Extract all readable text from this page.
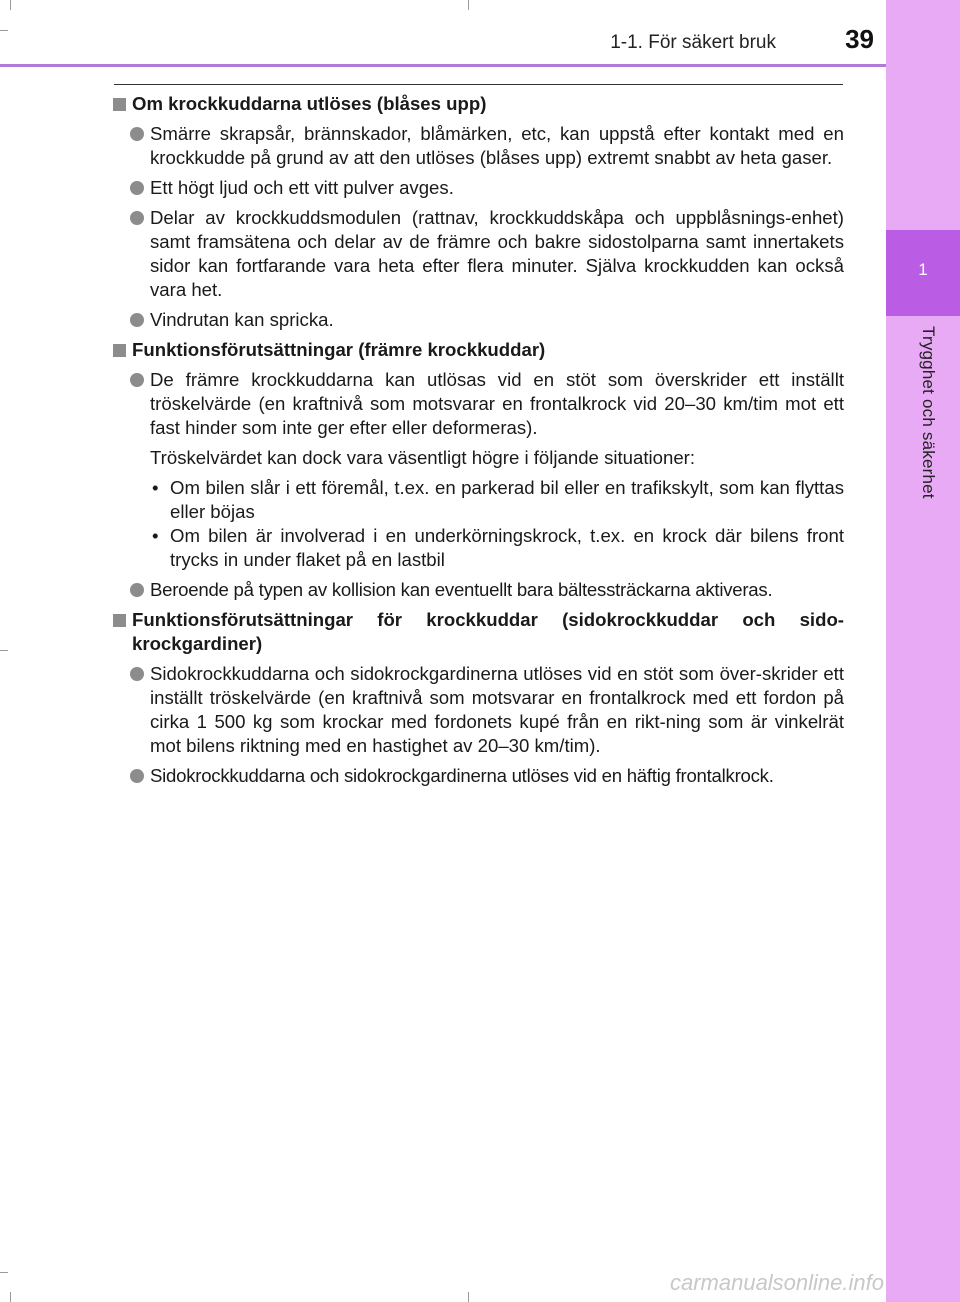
1
Trygghet och säkerhet
1-1. För säkert bruk	39
Om krockkuddarna utlöses (blåses upp)
Smärre skrapsår, brännskador, blåmärken, etc, kan uppstå efter kontakt med en krockkudde på grund av att den utlöses (blåses upp) extremt snabbt av heta gaser.
Ett högt ljud och ett vitt pulver avges.
Delar av krockkuddsmodulen (rattnav, krockkuddskåpa och uppblåsnings-enhet) samt framsätena och delar av de främre och bakre sidostolparna samt innertakets sidor kan fortfarande vara heta efter flera minuter. Själva krockkudden kan också vara het.
Vindrutan kan spricka.
Funktionsförutsättningar (främre krockkuddar)
De främre krockkuddarna kan utlösas vid en stöt som överskrider ett inställt tröskelvärde (en kraftnivå som motsvarar en frontalkrock vid 20–30 km/tim mot ett fast hinder som inte ger efter eller deformeras).
Tröskelvärdet kan dock vara väsentligt högre i följande situationer:
• Om bilen slår i ett föremål, t.ex. en parkerad bil eller en trafikskylt, som kan flyttas eller böjas
• Om bilen är involverad i en underkörningskrock, t.ex. en krock där bilens front trycks in under flaket på en lastbil
Beroende på typen av kollision kan eventuellt bara bältessträckarna aktiveras.
Funktionsförutsättningar för krockkuddar (sidokrockkuddar och sido-krockgardiner)
Sidokrockkuddarna och sidokrockgardinerna utlöses vid en stöt som över-skrider ett inställt tröskelvärde (en kraftnivå som motsvarar en frontalkrock med ett fordon på cirka 1 500 kg som krockar med fordonets kupé från en rikt-ning som är vinkelrät mot bilens riktning med en hastighet av 20–30 km/tim).
Sidokrockkuddarna och sidokrockgardinerna utlöses vid en häftig frontalkrock.
carmanualsonline.info
